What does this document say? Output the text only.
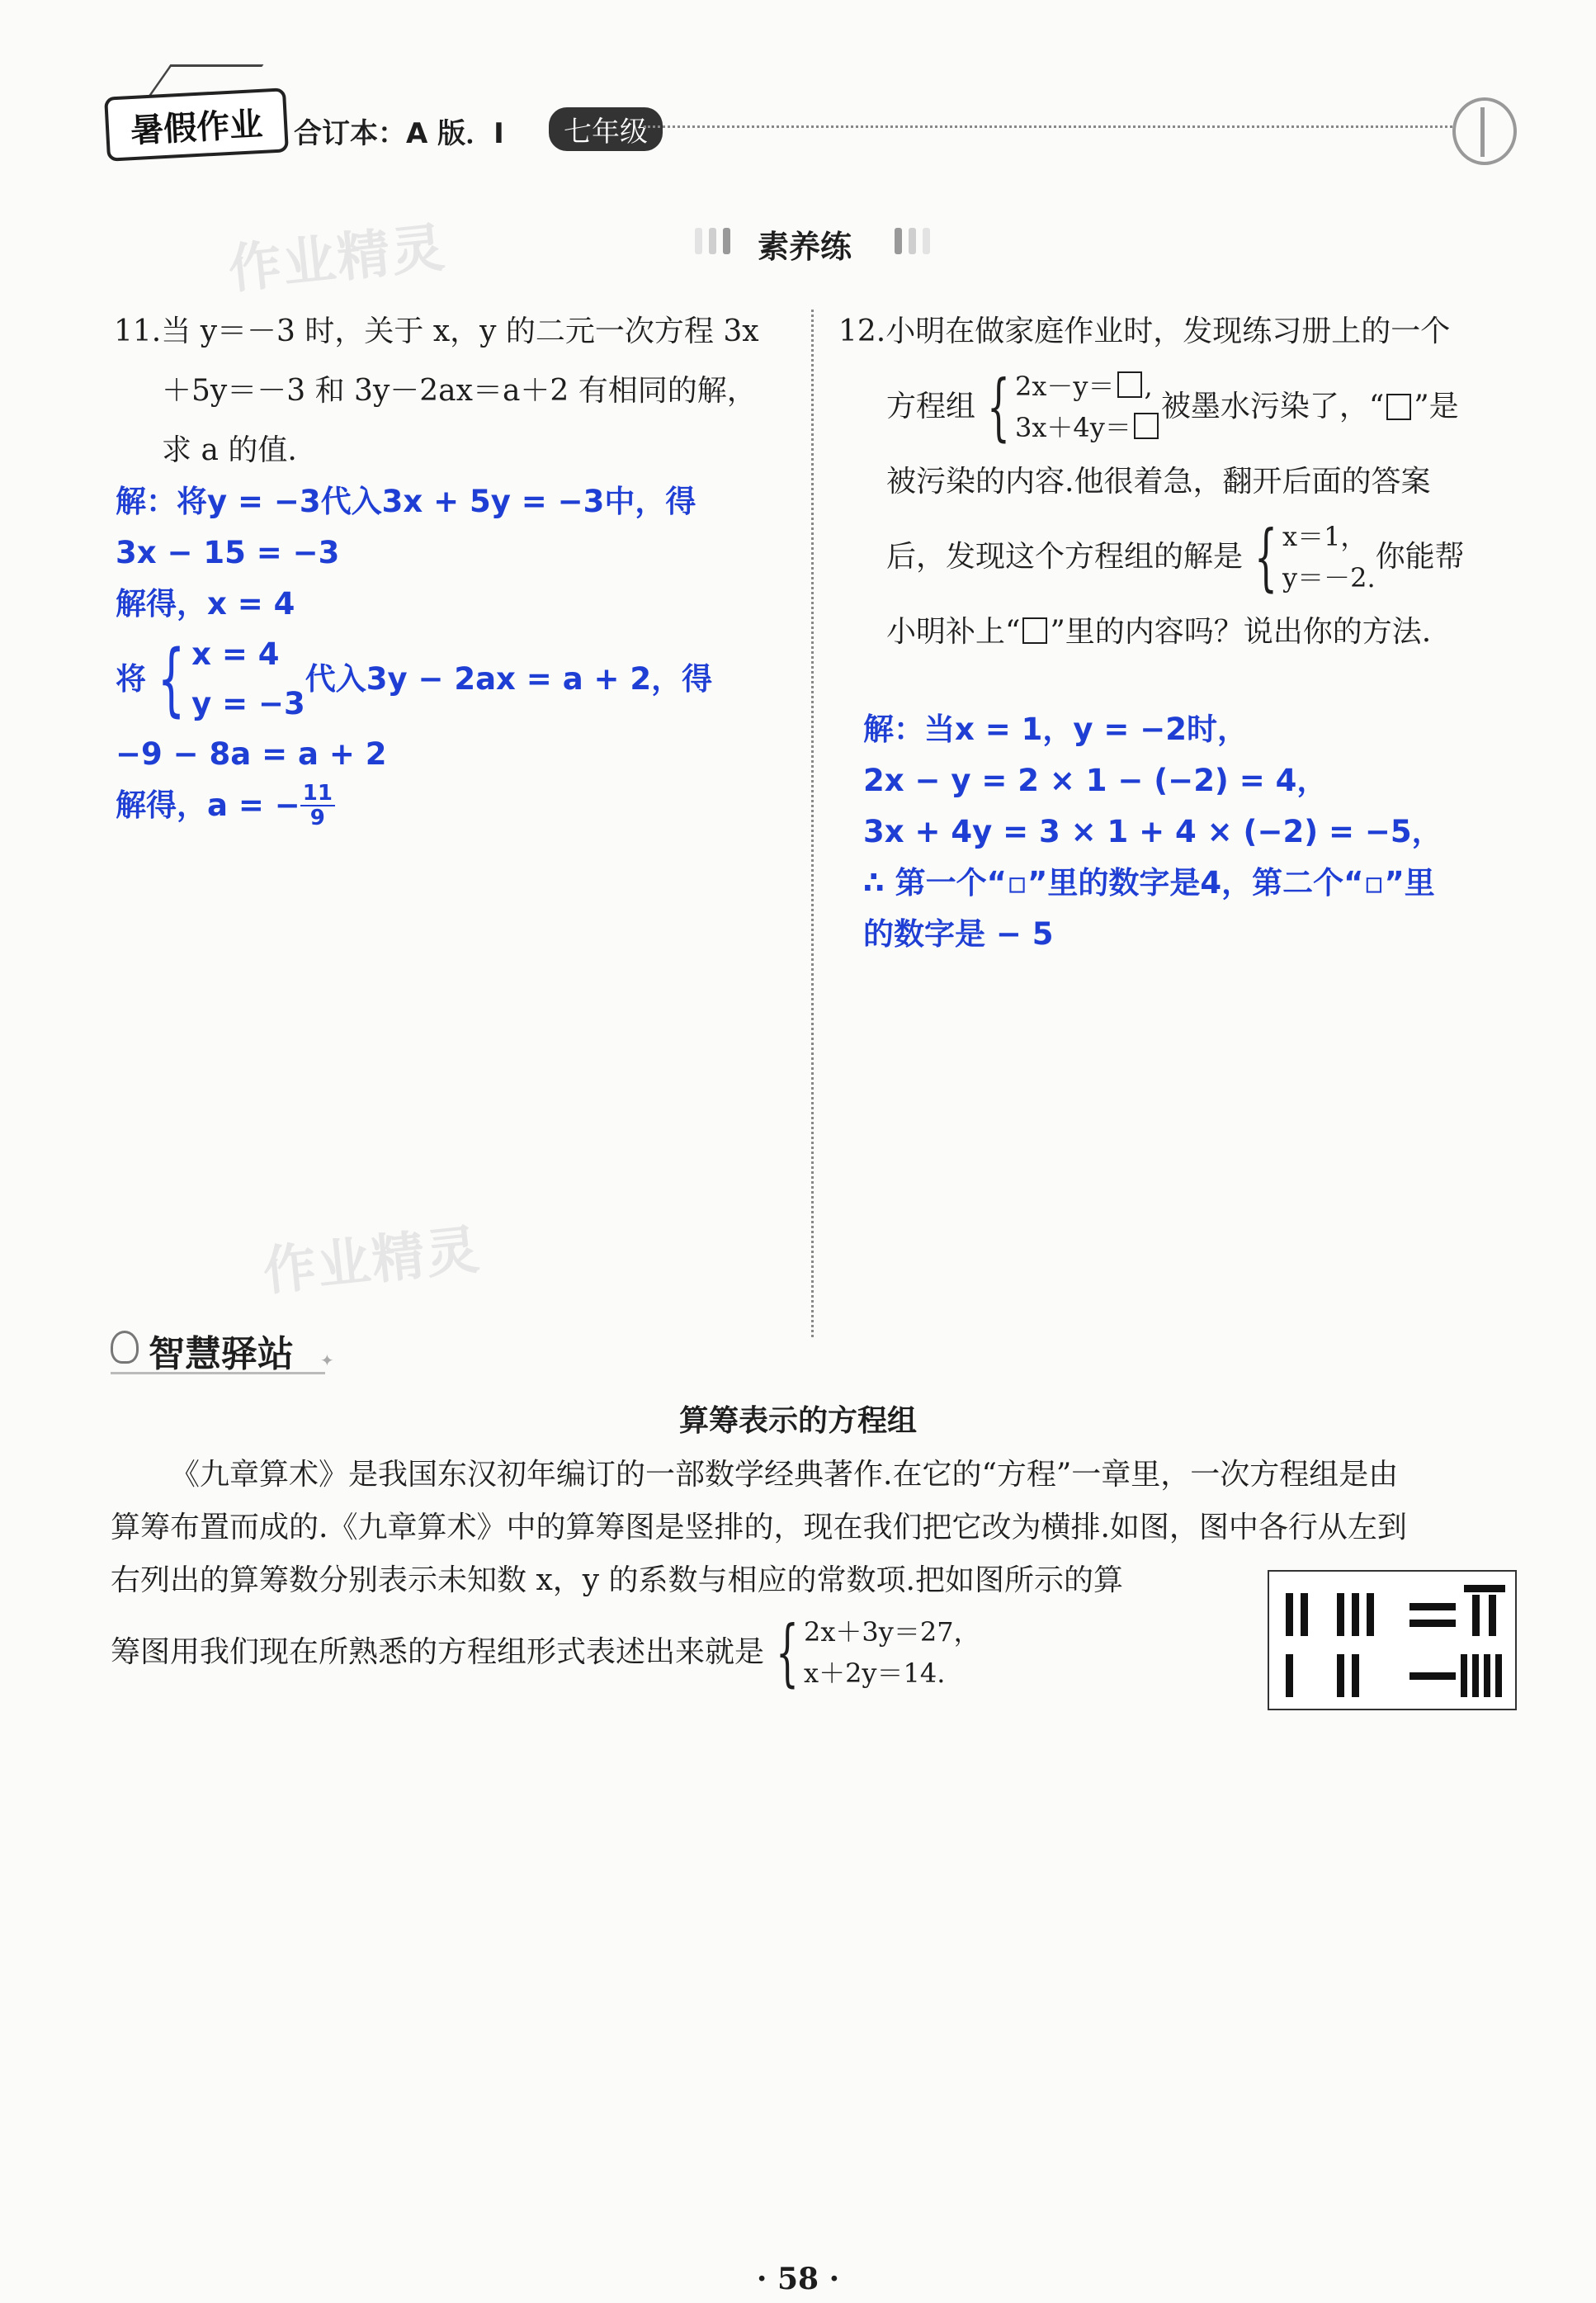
暑假作业 合订本：A 版．I	七年级
作业精灵
作业精灵
素养练
11.当 y＝－3 时，关于 x，y 的二元一次方程 3x
＋5y＝－3 和 3y－2ax＝a＋2 有相同的解，
求 a 的值.
解：将y = −3代入3x + 5y = −3中，得
3x − 15 = −3
解得，x = 4
将 { x = 4
y = −3
代入3y − 2ax = a + 2，得
−9 − 8a = a + 2
解得，a = − $\frac{11}{9}$
12.小明在做家庭作业时，发现练习册上的一个
方程组 { 2x－y＝ ,
3x＋4y＝
被墨水污染了，“ ”是
被污染的内容.他很着急，翻开后面的答案
后，发现这个方程组的解是 { x＝1，
y＝－2.
你能帮
小明补上“ ”里的内容吗？说出你的方法.
解：当x = 1，y = −2时，
2x − y = 2 × 1 − (−2) = 4，
3x + 4y = 3 × 1 + 4 × (−2) = −5，
∴ 第一个“▫”里的数字是4，第二个“▫”里
的数字是 − 5
智慧驿站 ✦
算筹表示的方程组
《九章算术》是我国东汉初年编订的一部数学经典著作.在它的“方程”一章里，一次方程组是由
算筹布置而成的.《九章算术》中的算筹图是竖排的，现在我们把它改为横排.如图，图中各行从左到
右列出的算筹数分别表示未知数 x，y 的系数与相应的常数项.把如图所示的算
筹图用我们现在所熟悉的方程组形式表述出来就是 { 2x＋3y＝27，
x＋2y＝14.
· 58 ·
